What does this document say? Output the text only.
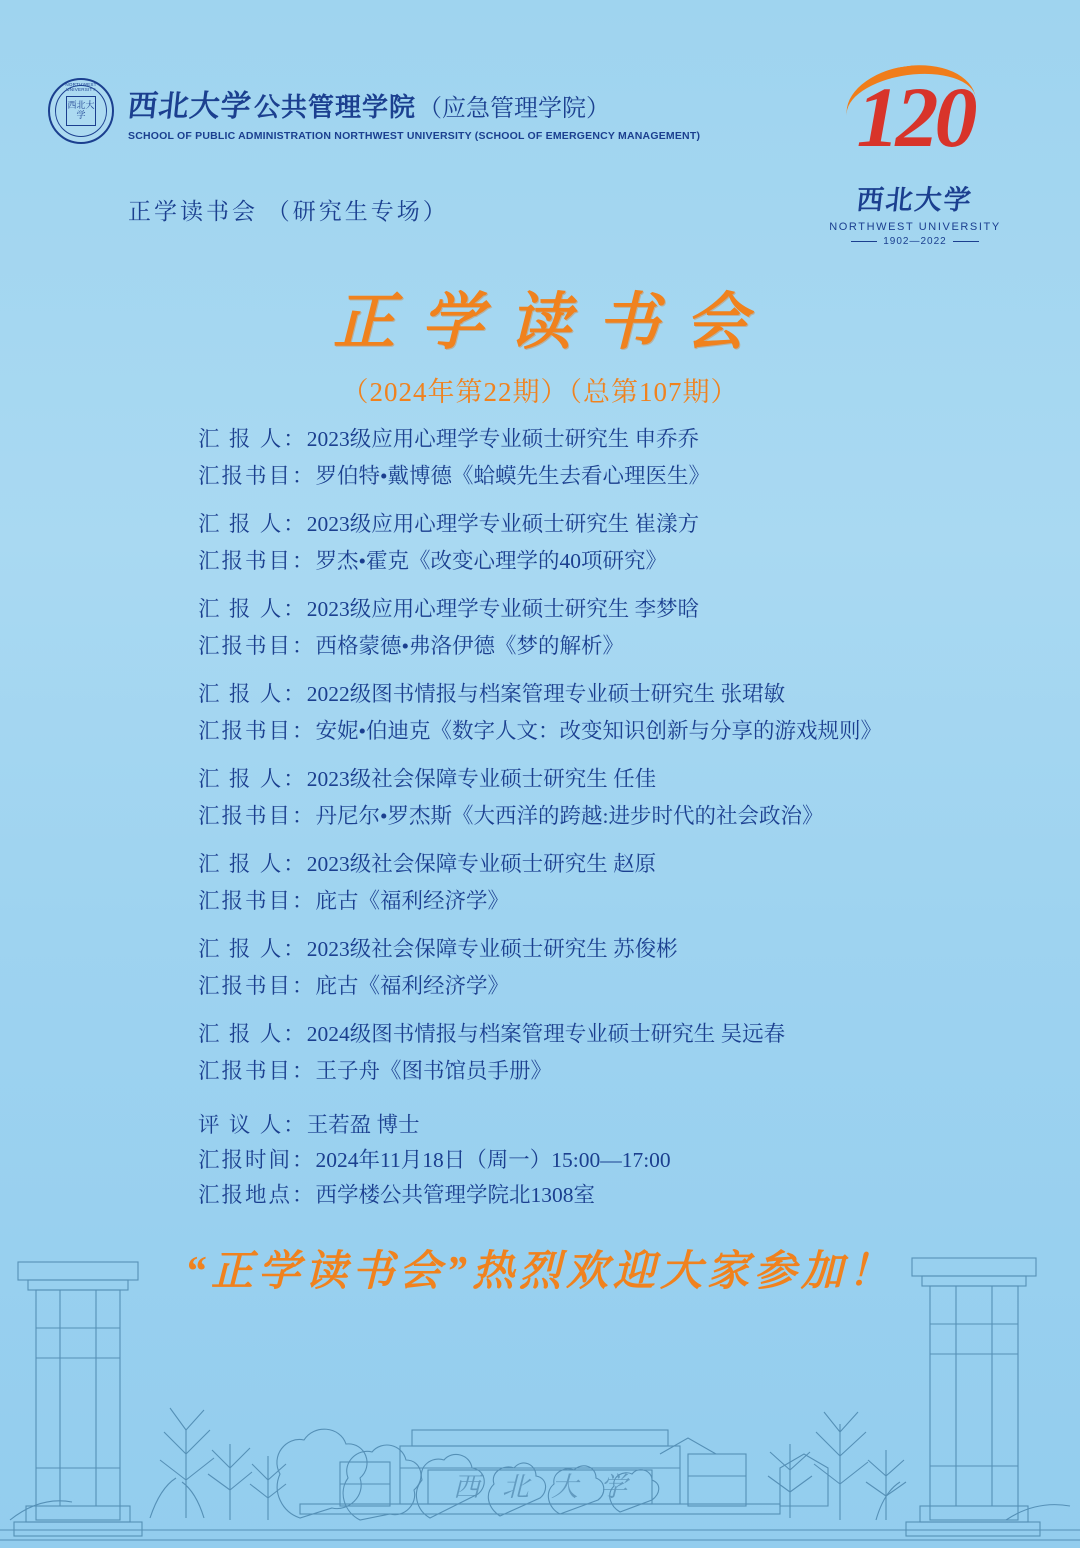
NORTHWEST UNIVERSITY
西北大学	西北大学 公共管理学院 （应急管理学院）
SCHOOL OF PUBLIC ADMINISTRATION NORTHWEST UNIVERSITY (SCHOOL OF EMERGENCY MANAGEMENT)	120
西北大学
NORTHWEST UNIVERSITY
1902—2022
正学读书会 （研究生专场）
正学读书会
（2024年第22期）（总第107期）
汇 报 人：2023级应用心理学专业硕士研究生 申乔乔
汇报书目：罗伯特•戴博德《蛤蟆先生去看心理医生》
汇 报 人：2023级应用心理学专业硕士研究生 崔漾方
汇报书目：罗杰•霍克《改变心理学的40项研究》
汇 报 人：2023级应用心理学专业硕士研究生 李梦晗
汇报书目：西格蒙德•弗洛伊德《梦的解析》
汇 报 人：2022级图书情报与档案管理专业硕士研究生 张珺敏
汇报书目：安妮•伯迪克《数字人文：改变知识创新与分享的游戏规则》
汇 报 人：2023级社会保障专业硕士研究生 任佳
汇报书目：丹尼尔•罗杰斯《大西洋的跨越:进步时代的社会政治》
汇 报 人：2023级社会保障专业硕士研究生 赵原
汇报书目：庇古《福利经济学》
汇 报 人：2023级社会保障专业硕士研究生 苏俊彬
汇报书目：庇古《福利经济学》
汇 报 人：2024级图书情报与档案管理专业硕士研究生 吴远春
汇报书目：王子舟《图书馆员手册》
评 议 人：王若盈 博士
汇报时间：2024年11月18日（周一）15:00—17:00
汇报地点：西学楼公共管理学院北1308室
“正学读书会”热烈欢迎大家参加！
西北大学
